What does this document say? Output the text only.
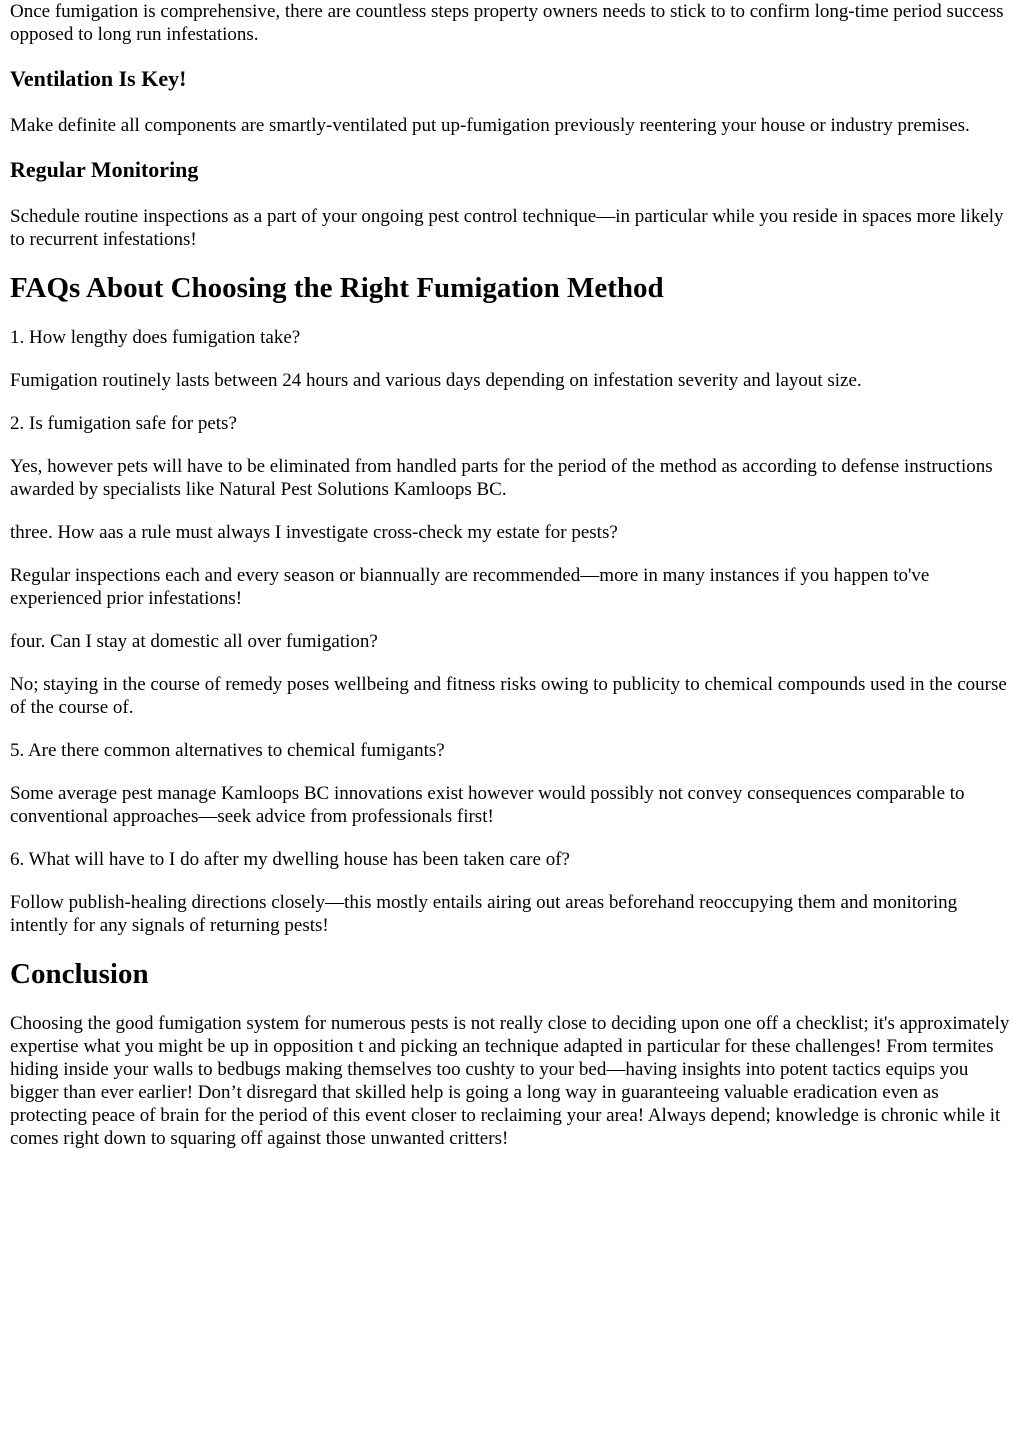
Once fumigation is comprehensive, there are countless steps property owners needs to stick to to confirm long-time period success opposed to long run infestations.

Ventilation Is Key!

Make definite all components are smartly-ventilated put up-fumigation previously reentering your house or industry premises.

Regular Monitoring

Schedule routine inspections as a part of your ongoing pest control technique—in particular while you reside in spaces more likely to recurrent infestations!

FAQs About Choosing the Right Fumigation Method

1. How lengthy does fumigation take?

Fumigation routinely lasts between 24 hours and various days depending on infestation severity and layout size.

2. Is fumigation safe for pets?

Yes, however pets will have to be eliminated from handled parts for the period of the method as according to defense instructions awarded by specialists like Natural Pest Solutions Kamloops BC.

three. How aas a rule must always I investigate cross-check my estate for pests?

Regular inspections each and every season or biannually are recommended—more in many instances if you happen to've experienced prior infestations!

four. Can I stay at domestic all over fumigation?

No; staying in the course of remedy poses wellbeing and fitness risks owing to publicity to chemical compounds used in the course of the course of.

5. Are there common alternatives to chemical fumigants?

Some average pest manage Kamloops BC innovations exist however would possibly not convey consequences comparable to conventional approaches—seek advice from professionals first!

6. What will have to I do after my dwelling house has been taken care of?

Follow publish-healing directions closely—this mostly entails airing out areas beforehand reoccupying them and monitoring intently for any signals of returning pests!

Conclusion

Choosing the good fumigation system for numerous pests is not really close to deciding upon one off a checklist; it's approximately expertise what you might be up in opposition t and picking an technique adapted in particular for these challenges! From termites hiding inside your walls to bedbugs making themselves too cushty to your bed—having insights into potent tactics equips you bigger than ever earlier! Don’t disregard that skilled help is going a long way in guaranteeing valuable eradication even as protecting peace of brain for the period of this event closer to reclaiming your area! Always depend; knowledge is chronic while it comes right down to squaring off against those unwanted critters!
